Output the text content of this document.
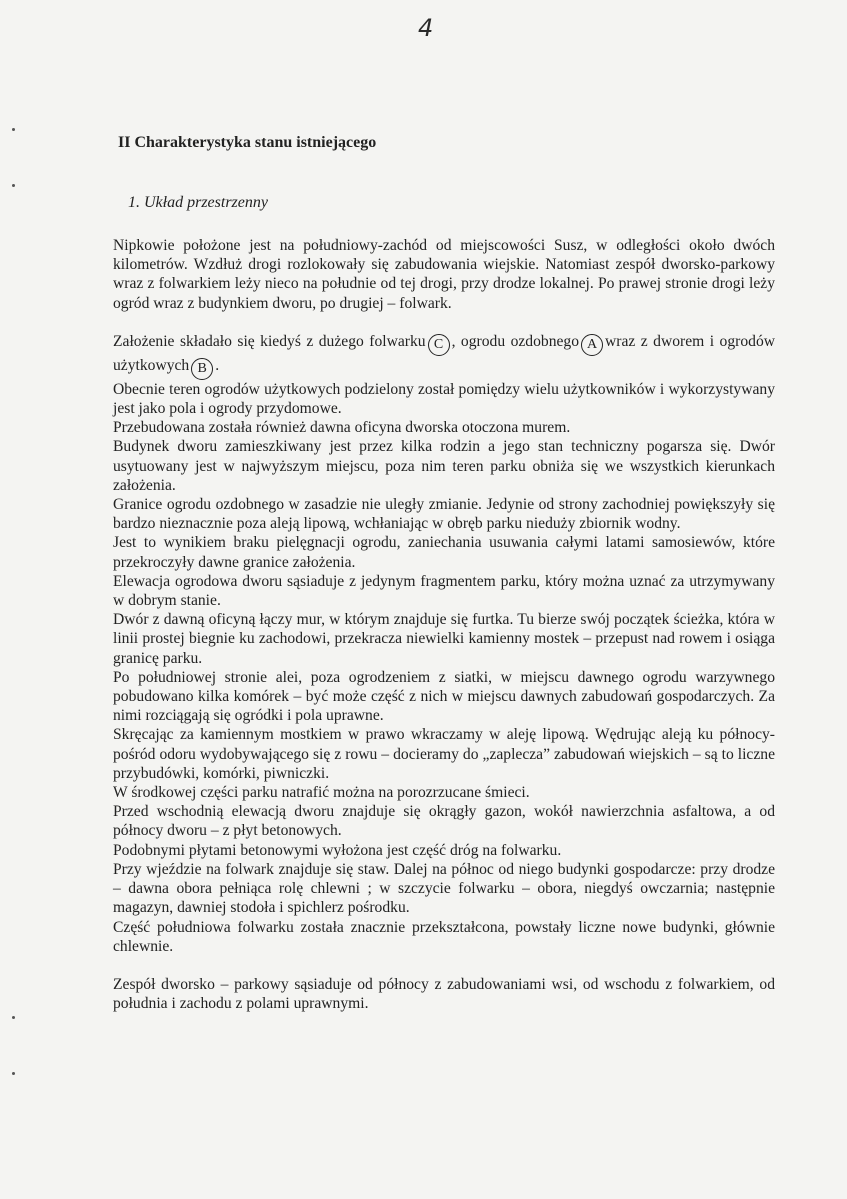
4
II Charakterystyka stanu istniejącego
1. Układ przestrzenny

Nipkowie położone jest na południowy-zachód od miejscowości Susz, w odległości około dwóch kilometrów. Wzdłuż drogi rozlokowały się zabudowania wiejskie. Natomiast zespół dworsko-parkowy wraz z folwarkiem leży nieco na południe od tej drogi, przy drodze lokalnej. Po prawej stronie drogi leży ogród wraz z budynkiem dworu, po drugiej – folwark.

Założenie składało się kiedyś z dużego folwarku C , ogrodu ozdobnego A wraz z dworem i ogrodów użytkowych B .

Obecnie teren ogrodów użytkowych podzielony został pomiędzy wielu użytkowników i wykorzystywany jest jako pola i ogrody przydomowe.

Przebudowana została również dawna oficyna dworska otoczona murem.

Budynek dworu zamieszkiwany jest przez kilka rodzin a jego stan techniczny pogarsza się. Dwór usytuowany jest w najwyższym miejscu, poza nim teren parku obniża się we wszystkich kierunkach założenia.

Granice ogrodu ozdobnego w zasadzie nie uległy zmianie. Jedynie od strony zachodniej powiększyły się bardzo nieznacznie poza aleją lipową, wchłaniając w obręb parku nieduży zbiornik wodny.

Jest to wynikiem braku pielęgnacji ogrodu, zaniechania usuwania całymi latami samosiewów, które przekroczyły dawne granice założenia.

Elewacja ogrodowa dworu sąsiaduje z jedynym fragmentem parku, który można uznać za utrzymywany w dobrym stanie.

Dwór z dawną oficyną łączy mur, w którym znajduje się furtka. Tu bierze swój początek ścieżka, która w linii prostej biegnie ku zachodowi, przekracza niewielki kamienny mostek – przepust nad rowem i osiąga granicę parku.

Po południowej stronie alei, poza ogrodzeniem z siatki, w miejscu dawnego ogrodu warzywnego pobudowano kilka komórek – być może część z nich w miejscu dawnych zabudowań gospodarczych. Za nimi rozciągają się ogródki i pola uprawne.

Skręcając za kamiennym mostkiem w prawo wkraczamy w aleję lipową. Wędrując aleją ku północy- pośród odoru wydobywającego się z rowu – docieramy do „zaplecza” zabudowań wiejskich – są to liczne przybudówki, komórki, piwniczki.

W środkowej części parku natrafić można na porozrzucane śmieci.

Przed wschodnią elewacją dworu znajduje się okrągły gazon, wokół nawierzchnia asfaltowa, a od północy dworu – z płyt betonowych.

Podobnymi płytami betonowymi wyłożona jest część dróg na folwarku.

Przy wjeździe na folwark znajduje się staw. Dalej na północ od niego budynki gospodarcze: przy drodze – dawna obora pełniąca rolę chlewni ; w szczycie folwarku – obora, niegdyś owczarnia; następnie magazyn, dawniej stodoła i spichlerz pośrodku.

Część południowa folwarku została znacznie przekształcona, powstały liczne nowe budynki, głównie chlewnie.

Zespół dworsko – parkowy sąsiaduje od północy z zabudowaniami wsi, od wschodu z folwarkiem, od południa i zachodu z polami uprawnymi.
